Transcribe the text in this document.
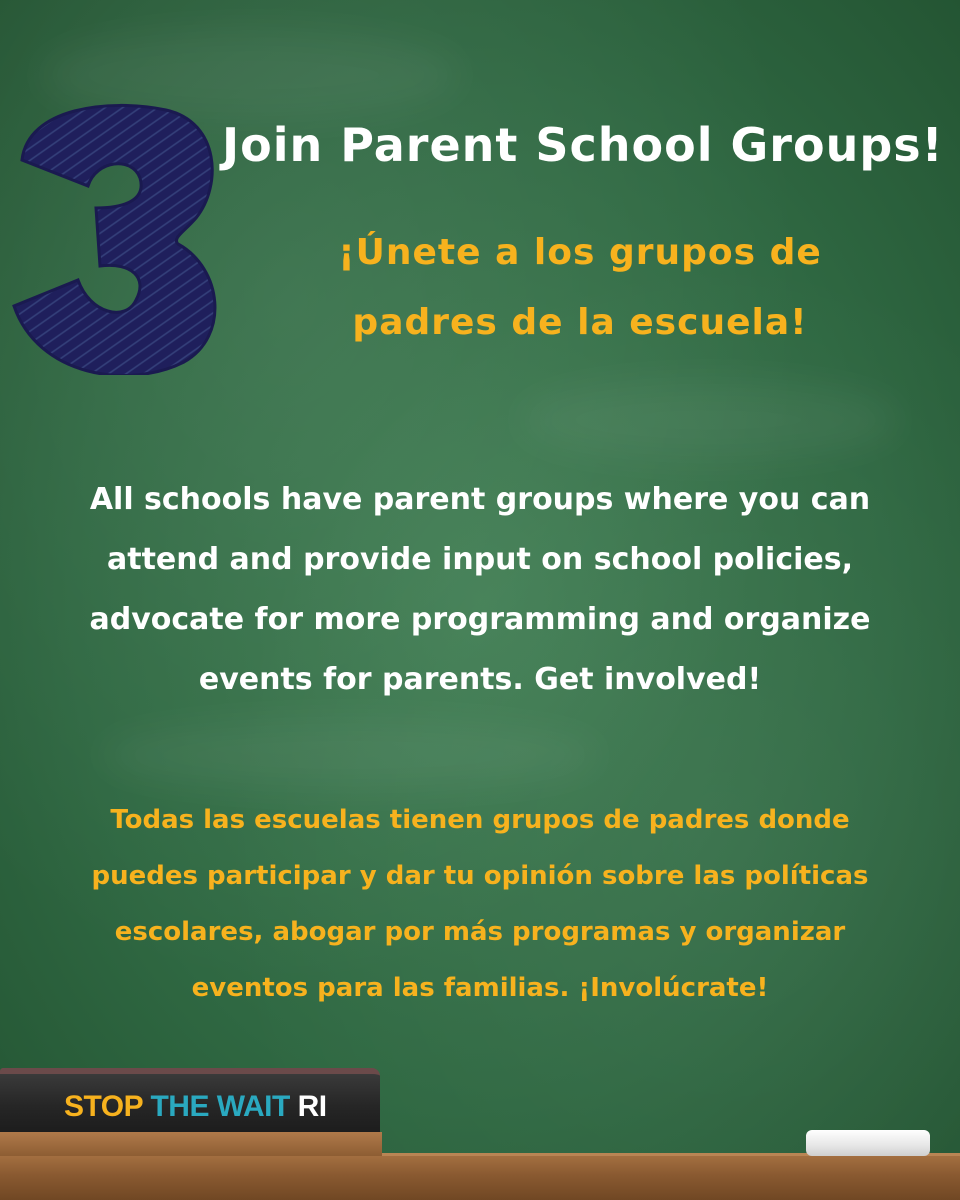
Join Parent School Groups!
¡Únete a los grupos de
padres de la escuela!
All schools have parent groups where you can
attend and provide input on school policies,
advocate for more programming and organize
events for parents. Get involved!
Todas las escuelas tienen grupos de padres donde
puedes participar y dar tu opinión sobre las políticas
escolares, abogar por más programas y organizar
eventos para las familias. ¡Involúcrate!
STOP THE WAIT RI
